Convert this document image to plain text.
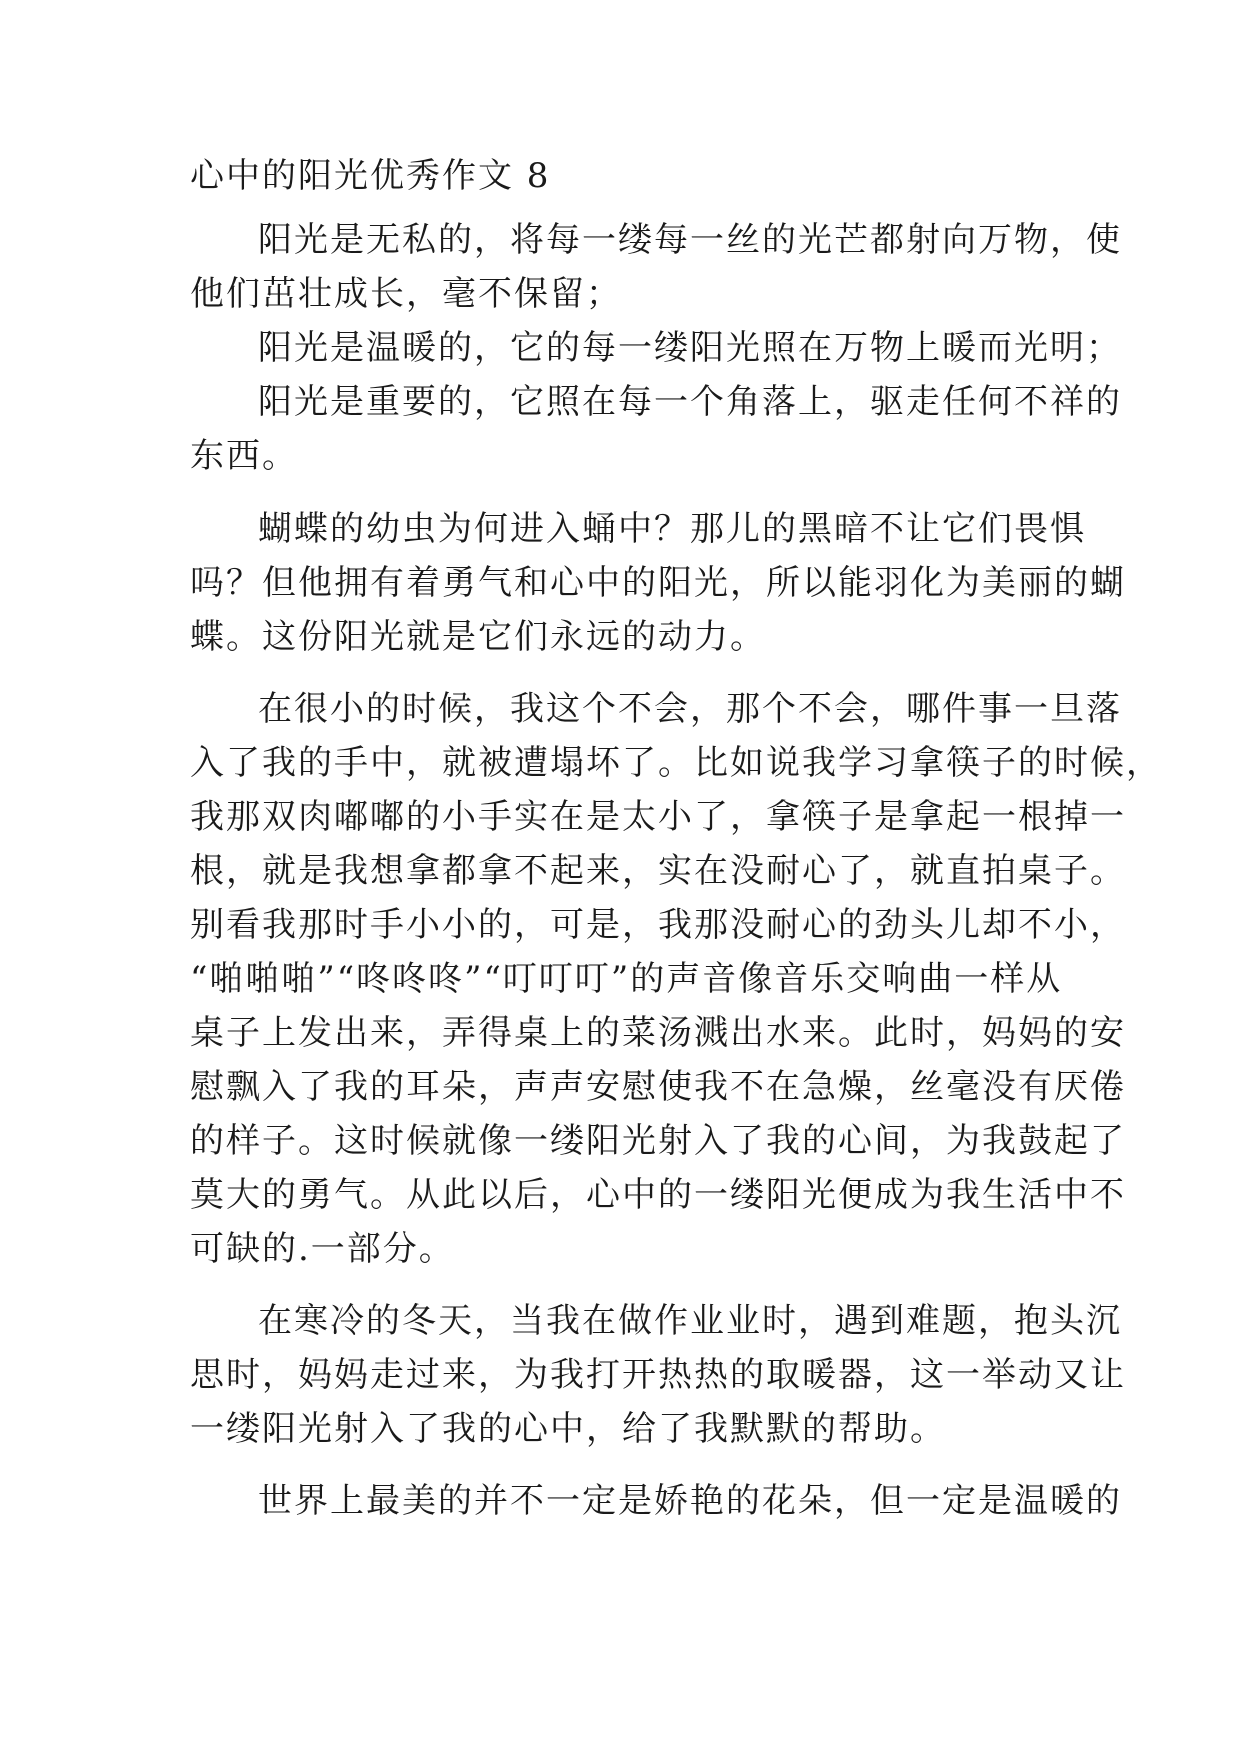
心中的阳光优秀作文 8
阳光是无私的，将每一缕每一丝的光芒都射向万物，使
他们茁壮成长，毫不保留；
阳光是温暖的，它的每一缕阳光照在万物上暖而光明；
阳光是重要的，它照在每一个角落上，驱走任何不祥的
东西。
蝴蝶的幼虫为何进入蛹中？那儿的黑暗不让它们畏惧
吗？但他拥有着勇气和心中的阳光，所以能羽化为美丽的蝴
蝶。这份阳光就是它们永远的动力。
在很小的时候，我这个不会，那个不会，哪件事一旦落
入了我的手中，就被遭塌坏了。比如说我学习拿筷子的时候，
我那双肉嘟嘟的小手实在是太小了，拿筷子是拿起一根掉一
根，就是我想拿都拿不起来，实在没耐心了，就直拍桌子。
别看我那时手小小的，可是，我那没耐心的劲头儿却不小，
“啪啪啪”“咚咚咚”“叮叮叮”的声音像音乐交响曲一样从
桌子上发出来，弄得桌上的菜汤溅出水来。此时，妈妈的安
慰飘入了我的耳朵，声声安慰使我不在急燥，丝毫没有厌倦
的样子。这时候就像一缕阳光射入了我的心间，为我鼓起了
莫大的勇气。从此以后，心中的一缕阳光便成为我生活中不
可缺的.一部分。
在寒冷的冬天，当我在做作业业时，遇到难题，抱头沉
思时，妈妈走过来，为我打开热热的取暖器，这一举动又让
一缕阳光射入了我的心中，给了我默默的帮助。
世界上最美的并不一定是娇艳的花朵，但一定是温暖的
